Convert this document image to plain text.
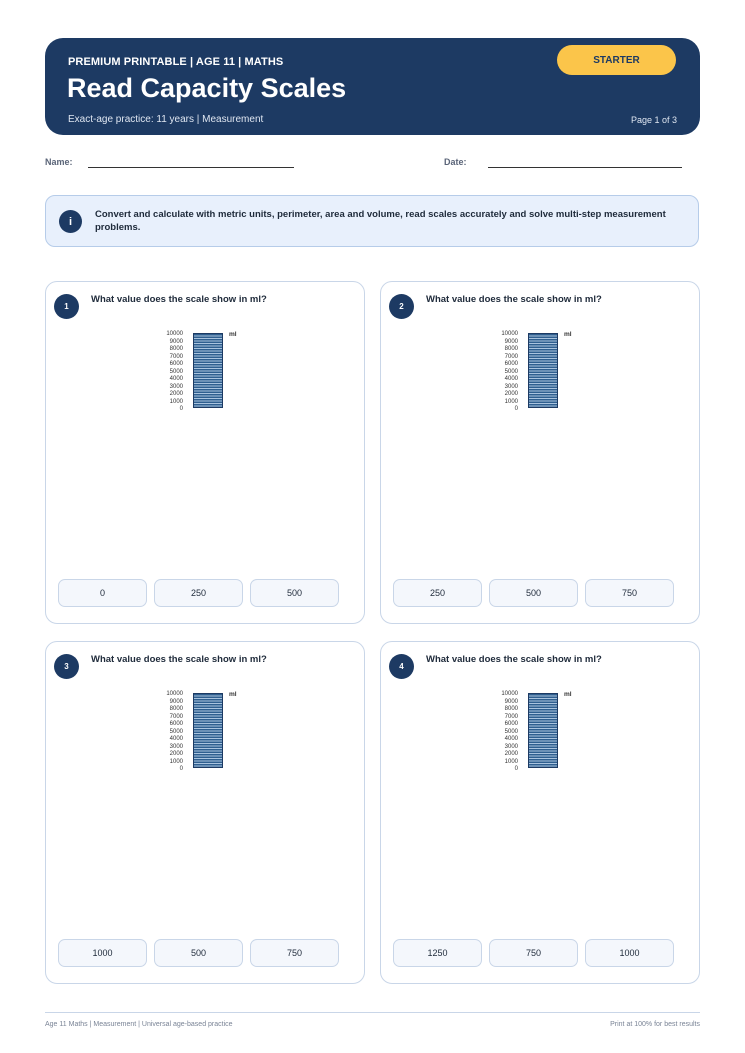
PREMIUM PRINTABLE | AGE 11 | MATHS
Read Capacity Scales
Exact-age practice: 11 years | Measurement	Page 1 of 3
STARTER
Name:	Date:
i
Convert and calculate with metric units, perimeter, area and volume, read scales accurately and solve multi-step measurement problems.
1
What value does the scale show in ml?
ml
10000
9000
8000
7000
6000
5000
4000
3000
2000
1000
0
0	250	500
2
What value does the scale show in ml?
ml
10000
9000
8000
7000
6000
5000
4000
3000
2000
1000
0
250	500	750
3
What value does the scale show in ml?
ml
10000
9000
8000
7000
6000
5000
4000
3000
2000
1000
0
1000	500	750
4
What value does the scale show in ml?
ml
10000
9000
8000
7000
6000
5000
4000
3000
2000
1000
0
1250	750	1000
Age 11 Maths | Measurement | Universal age-based practice	Print at 100% for best results
